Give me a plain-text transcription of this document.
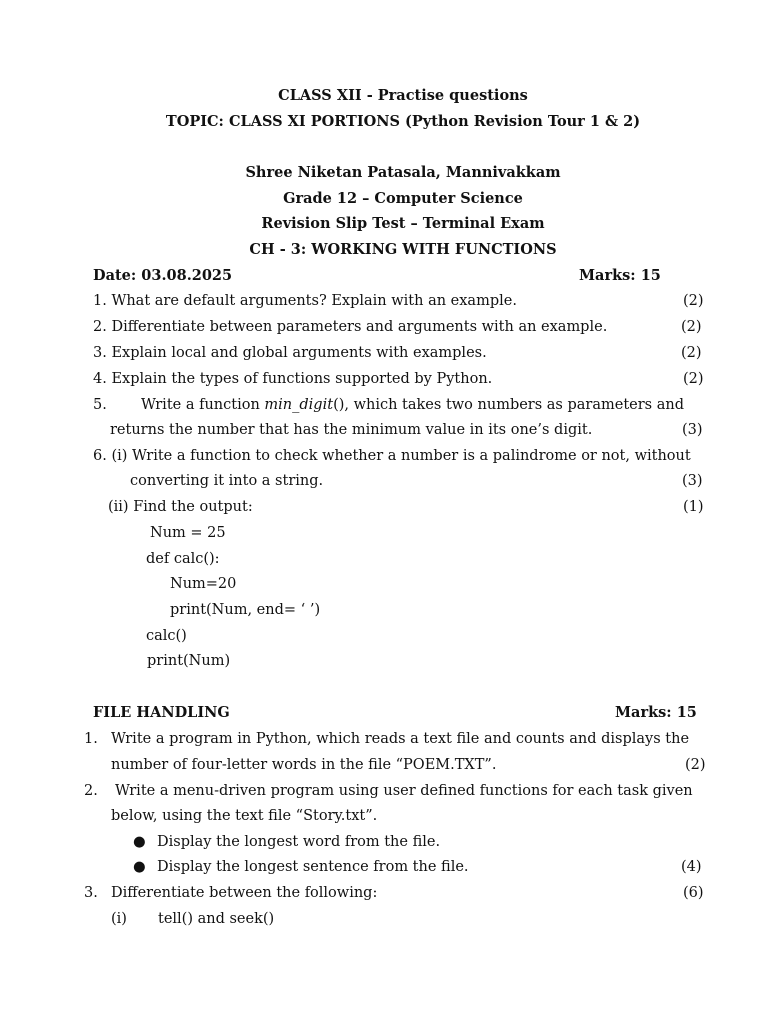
CLASS XII - Practise questions
TOPIC: CLASS XI PORTIONS (Python Revision Tour 1 & 2)
Shree Niketan Patasala, Mannivakkam
Grade 12 – Computer Science
Revision Slip Test – Terminal Exam
CH - 3: WORKING WITH FUNCTIONS
Date: 03.08.2025	Marks: 15
1. What are default arguments? Explain with an example.	(2)
2. Differentiate between parameters and arguments with an example.	(2)
3. Explain local and global arguments with examples.	(2)
4. Explain the types of functions supported by Python.	(2)
5. Write a function min_digit(), which takes two numbers as parameters and
returns the number that has the minimum value in its one’s digit.	(3)
6. (i) Write a function to check whether a number is a palindrome or not, without
converting it into a string.	(3)
(ii) Find the output:	(1)
Num = 25
def calc():
Num=20
print(Num, end= ‘ ’)
calc()
print(Num)
FILE HANDLING	Marks: 15
1. Write a program in Python, which reads a text file and counts and displays the
number of four-letter words in the file “POEM.TXT”.	(2)
2. Write a menu-driven program using user defined functions for each task given
below, using the text file “Story.txt”.
● Display the longest word from the file.
● Display the longest sentence from the file.	(4)
3. Differentiate between the following:	(6)
(i) tell() and seek()
